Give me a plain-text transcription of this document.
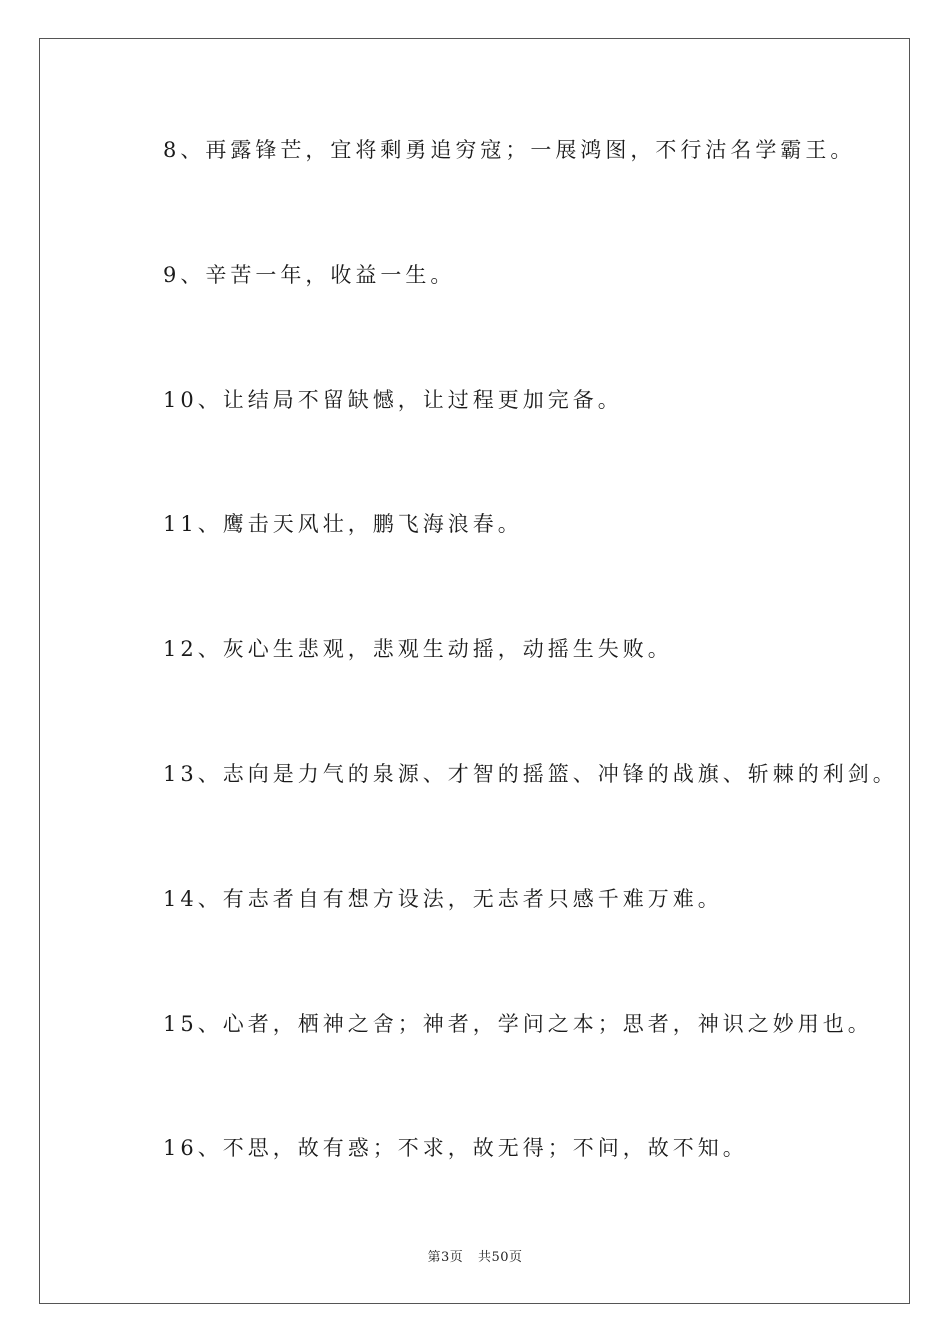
8、再露锋芒，宜将剩勇追穷寇；一展鸿图，不行沽名学霸王。
9、辛苦一年，收益一生。
10、让结局不留缺憾，让过程更加完备。
11、鹰击天风壮，鹏飞海浪春。
12、灰心生悲观，悲观生动摇，动摇生失败。
13、志向是力气的泉源、才智的摇篮、冲锋的战旗、斩棘的利剑。
14、有志者自有想方设法，无志者只感千难万难。
15、心者，栖神之舍；神者，学问之本；思者，神识之妙用也。
16、不思，故有惑；不求，故无得；不问，故不知。
第3页 共50页
